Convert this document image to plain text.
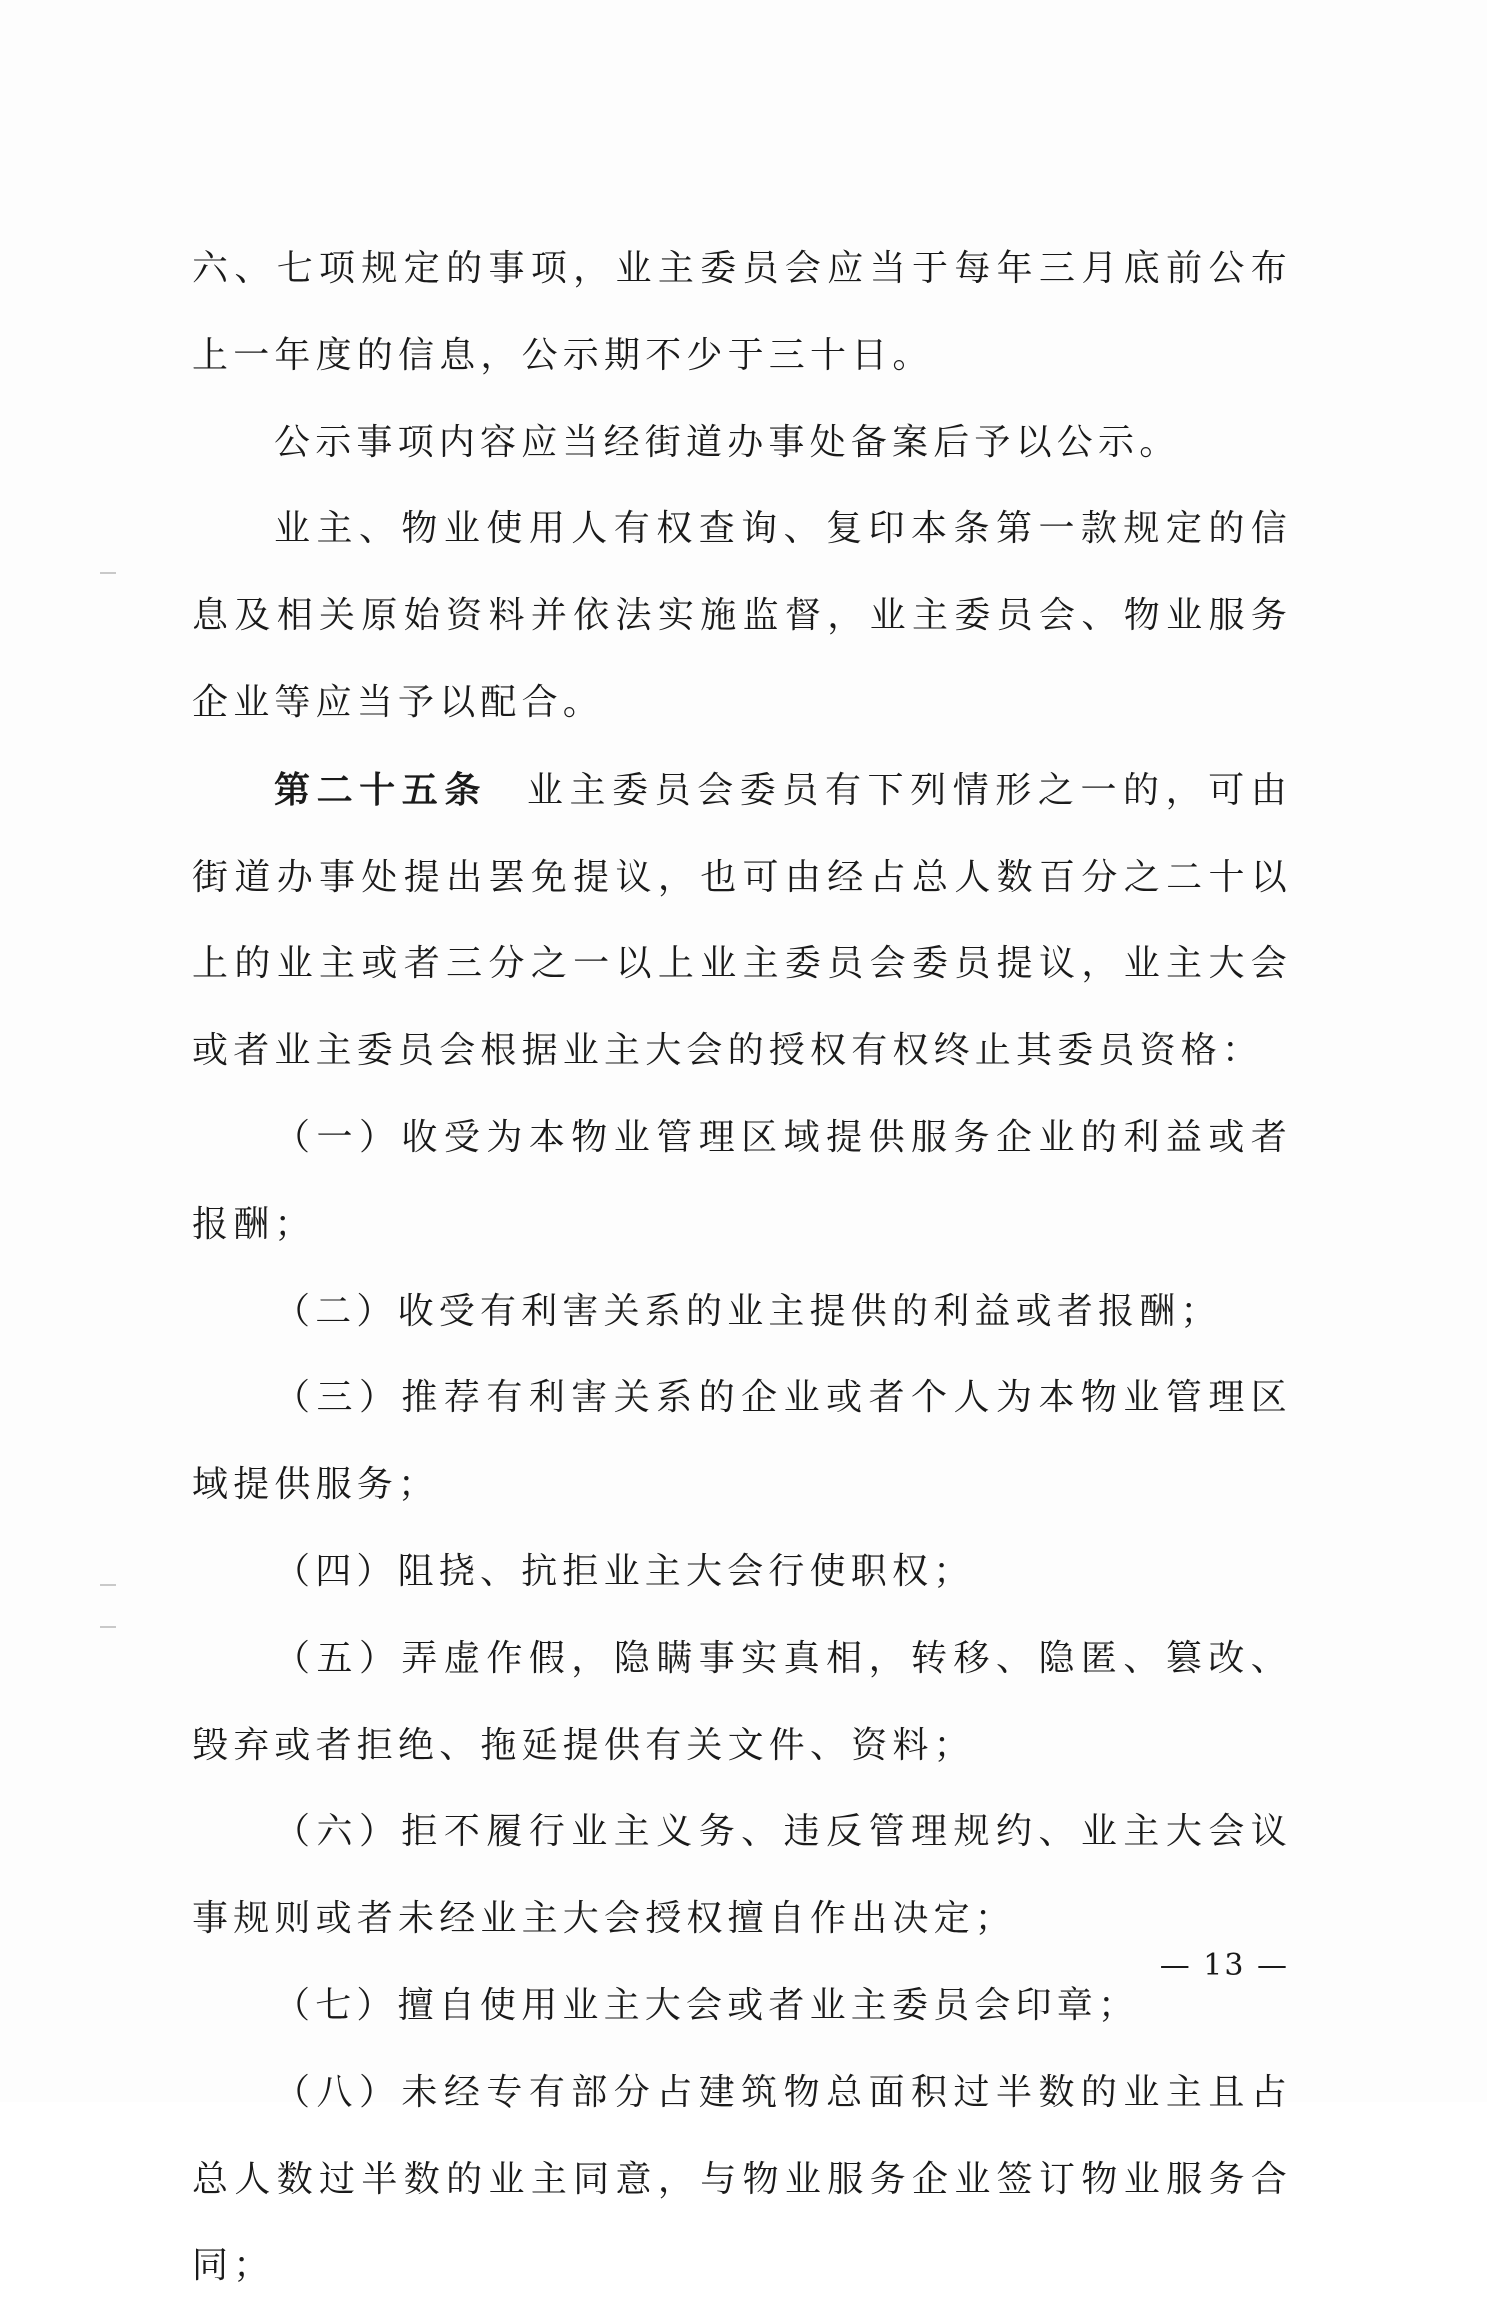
六、七项规定的事项，业主委员会应当于每年三月底前公布上一年度的信息，公示期不少于三十日。

公示事项内容应当经街道办事处备案后予以公示。

业主、物业使用人有权查询、复印本条第一款规定的信息及相关原始资料并依法实施监督，业主委员会、物业服务企业等应当予以配合。

第二十五条 业主委员会委员有下列情形之一的，可由街道办事处提出罢免提议，也可由经占总人数百分之二十以上的业主或者三分之一以上业主委员会委员提议，业主大会或者业主委员会根据业主大会的授权有权终止其委员资格：

（一）收受为本物业管理区域提供服务企业的利益或者报酬；

（二）收受有利害关系的业主提供的利益或者报酬；

（三）推荐有利害关系的企业或者个人为本物业管理区域提供服务；

（四）阻挠、抗拒业主大会行使职权；

（五）弄虚作假，隐瞒事实真相，转移、隐匿、篡改、毁弃或者拒绝、拖延提供有关文件、资料；

（六）拒不履行业主义务、违反管理规约、业主大会议事规则或者未经业主大会授权擅自作出决定；

（七）擅自使用业主大会或者业主委员会印章；

（八）未经专有部分占建筑物总面积过半数的业主且占总人数过半数的业主同意，与物业服务企业签订物业服务合同；

— 13 —
